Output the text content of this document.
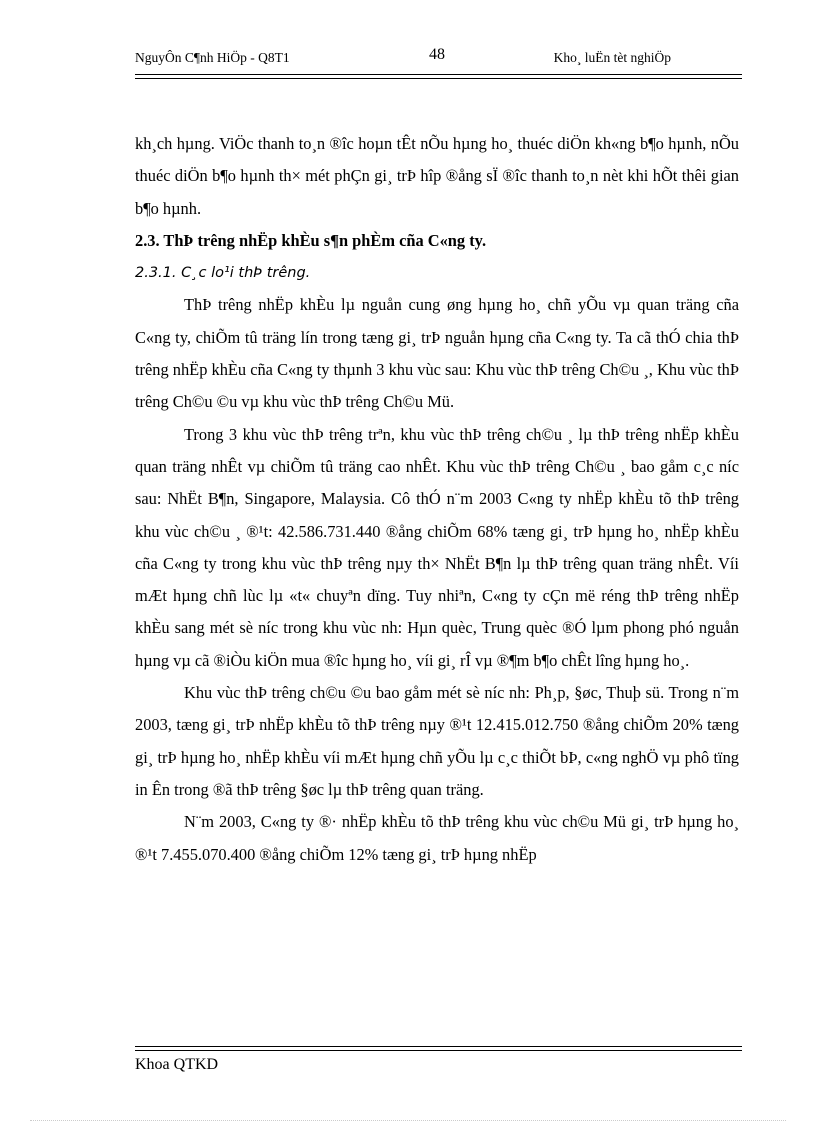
NguyÔn C¶nh HiÖp - Q8T1	48	Kho¸ luËn tèt nghiÖp

kh¸ch hµng. ViÖc thanh to¸n ®îc hoµn tÊt nÕu hµng ho¸ thuéc diÖn kh«ng b¶o hµnh, nÕu thuéc diÖn b¶o hµnh th× mét phÇn gi¸ trÞ hîp ®ång sÏ ®îc thanh to¸n nèt khi hÕt thêi gian b¶o hµnh.

2.3. ThÞ trêng nhËp khÈu s¶n phÈm cña C«ng ty.

2.3.1. C¸c lo¹i thÞ trêng.

ThÞ trêng nhËp khÈu lµ nguån cung øng hµng ho¸ chñ yÕu vµ quan träng cña C«ng ty, chiÕm tû träng lín trong tæng gi¸ trÞ nguån hµng cña C«ng ty. Ta cã thÓ chia thÞ trêng nhËp khÈu cña C«ng ty thµnh 3 khu vùc sau: Khu vùc thÞ trêng Ch©u ¸, Khu vùc thÞ trêng Ch©u ©u vµ khu vùc thÞ trêng Ch©u Mü.

Trong 3 khu vùc thÞ trêng trªn, khu vùc thÞ trêng ch©u ¸ lµ thÞ trêng nhËp khÈu quan träng nhÊt vµ chiÕm tû träng cao nhÊt. Khu vùc thÞ trêng Ch©u ¸ bao gåm c¸c níc sau: NhËt B¶n, Singapore, Malaysia. Cô thÓ n¨m 2003 C«ng ty nhËp khÈu tõ thÞ trêng khu vùc ch©u ¸ ®¹t: 42.586.731.440 ®ång chiÕm 68% tæng gi¸ trÞ hµng ho¸ nhËp khÈu cña C«ng ty trong khu vùc thÞ trêng nµy th× NhËt B¶n lµ thÞ trêng quan träng nhÊt. Víi mÆt hµng chñ lùc lµ «t« chuyªn dïng. Tuy nhiªn, C«ng ty cÇn më réng thÞ trêng nhËp khÈu sang mét sè níc trong khu vùc nh: Hµn quèc, Trung quèc ®Ó lµm phong phó nguån hµng vµ cã ®iÒu kiÖn mua ®îc hµng ho¸ víi gi¸ rÎ vµ ®¶m b¶o chÊt lîng hµng ho¸.

Khu vùc thÞ trêng ch©u ©u bao gåm mét sè níc nh: Ph¸p, §øc, Thuþ sü. Trong n¨m 2003, tæng gi¸ trÞ nhËp khÈu tõ thÞ trêng nµy ®¹t 12.415.012.750 ®ång chiÕm 20% tæng gi¸ trÞ hµng ho¸ nhËp khÈu víi mÆt hµng chñ yÕu lµ c¸c thiÕt bÞ, c«ng nghÖ vµ phô tïng in Ên trong ®ã thÞ trêng §øc lµ thÞ trêng quan träng.

N¨m 2003, C«ng ty ®· nhËp khÈu tõ thÞ trêng khu vùc ch©u Mü gi¸ trÞ hµng ho¸ ®¹t 7.455.070.400 ®ång chiÕm 12% tæng gi¸ trÞ hµng nhËp

Khoa QTKD
